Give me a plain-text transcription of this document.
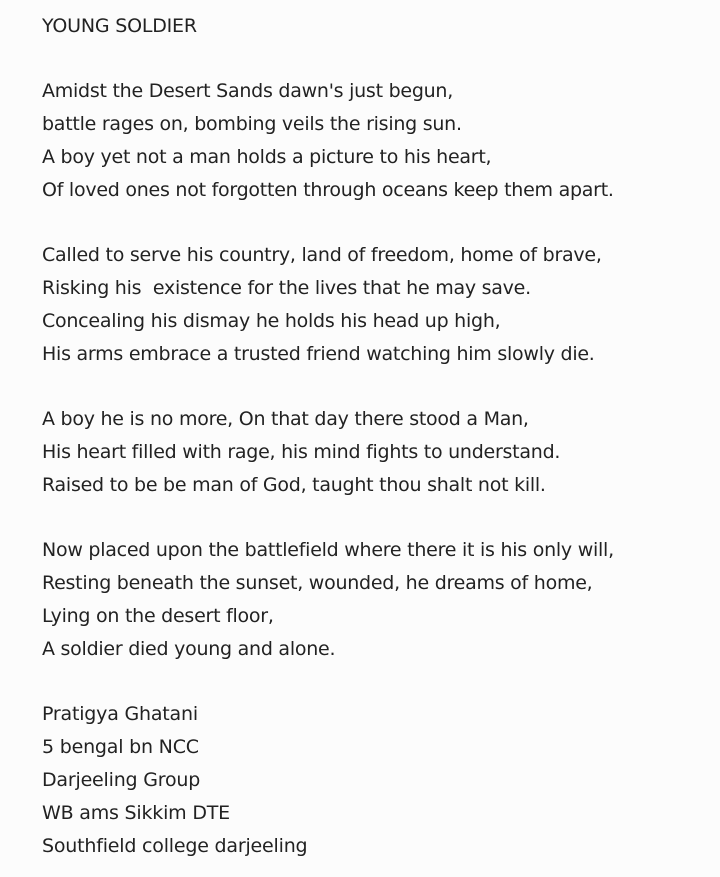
YOUNG SOLDIER
Amidst the Desert Sands dawn's just begun,
battle rages on, bombing veils the rising sun.
A boy yet not a man holds a picture to his heart,
Of loved ones not forgotten through oceans keep them apart.
Called to serve his country, land of freedom, home of brave,
Risking his  existence for the lives that he may save.
Concealing his dismay he holds his head up high,
His arms embrace a trusted friend watching him slowly die.
A boy he is no more, On that day there stood a Man,
His heart filled with rage, his mind fights to understand.
Raised to be be man of God, taught thou shalt not kill.
Now placed upon the battlefield where there it is his only will,
Resting beneath the sunset, wounded, he dreams of home,
Lying on the desert floor,
A soldier died young and alone.
Pratigya Ghatani
5 bengal bn NCC
Darjeeling Group
WB ams Sikkim DTE
Southfield college darjeeling
